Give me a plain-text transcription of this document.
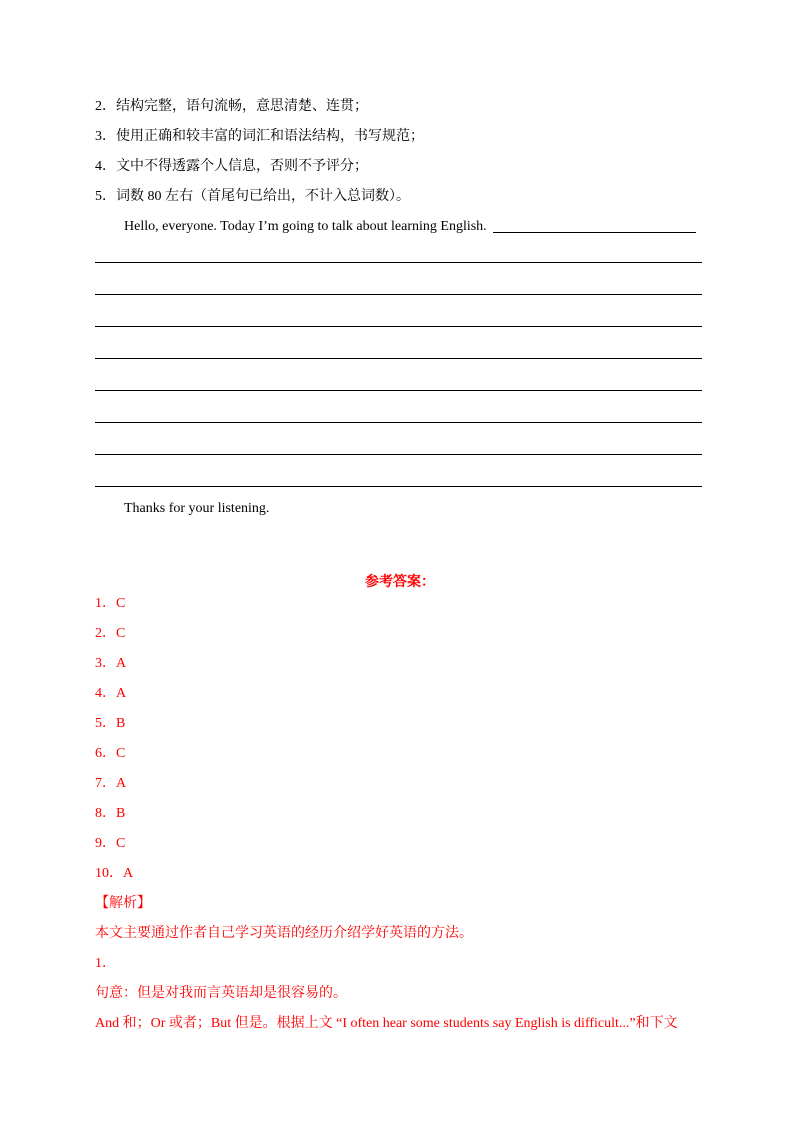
2．结构完整，语句流畅，意思清楚、连贯；
3．使用正确和较丰富的词汇和语法结构，书写规范；
4．文中不得透露个人信息，否则不予评分；
5．词数 80 左右（首尾句已给出，不计入总词数）。
Hello, everyone. Today I’m going to talk about learning English.
Thanks for your listening.
参考答案：
1．C
2．C
3．A
4．A
5．B
6．C
7．A
8．B
9．C
10．A
【解析】
本文主要通过作者自己学习英语的经历介绍学好英语的方法。
1．
句意：但是对我而言英语却是很容易的。
And 和；Or 或者；But 但是。根据上文 “I often hear some students say English is difficult...”和下文
